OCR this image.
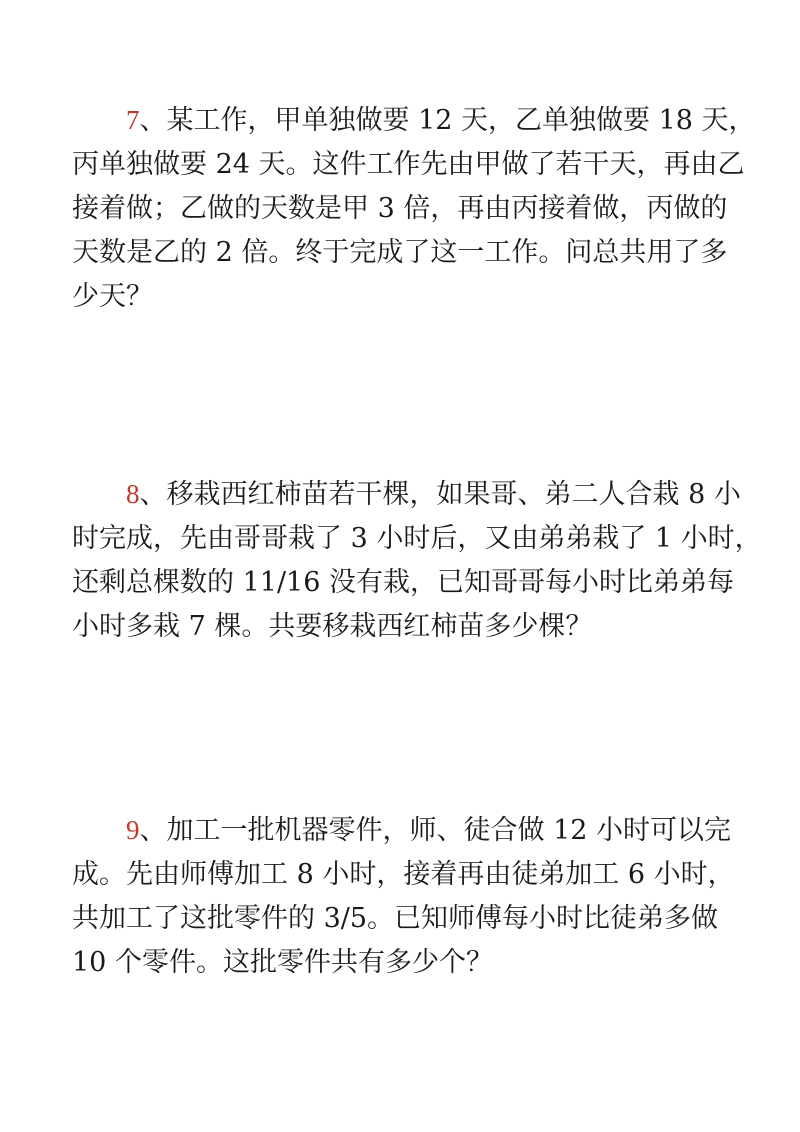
7、某工作，甲单独做要 12 天，乙单独做要 18 天，
丙单独做要 24 天。这件工作先由甲做了若干天，再由乙
接着做；乙做的天数是甲 3 倍，再由丙接着做，丙做的
天数是乙的 2 倍。终于完成了这一工作。问总共用了多
少天？
8、移栽西红柿苗若干棵，如果哥、弟二人合栽 8 小
时完成，先由哥哥栽了 3 小时后，又由弟弟栽了 1 小时，
还剩总棵数的 11/16 没有栽，已知哥哥每小时比弟弟每
小时多栽 7 棵。共要移栽西红柿苗多少棵？
9、加工一批机器零件，师、徒合做 12 小时可以完
成。先由师傅加工 8 小时，接着再由徒弟加工 6 小时，
共加工了这批零件的 3/5。已知师傅每小时比徒弟多做
10 个零件。这批零件共有多少个？
